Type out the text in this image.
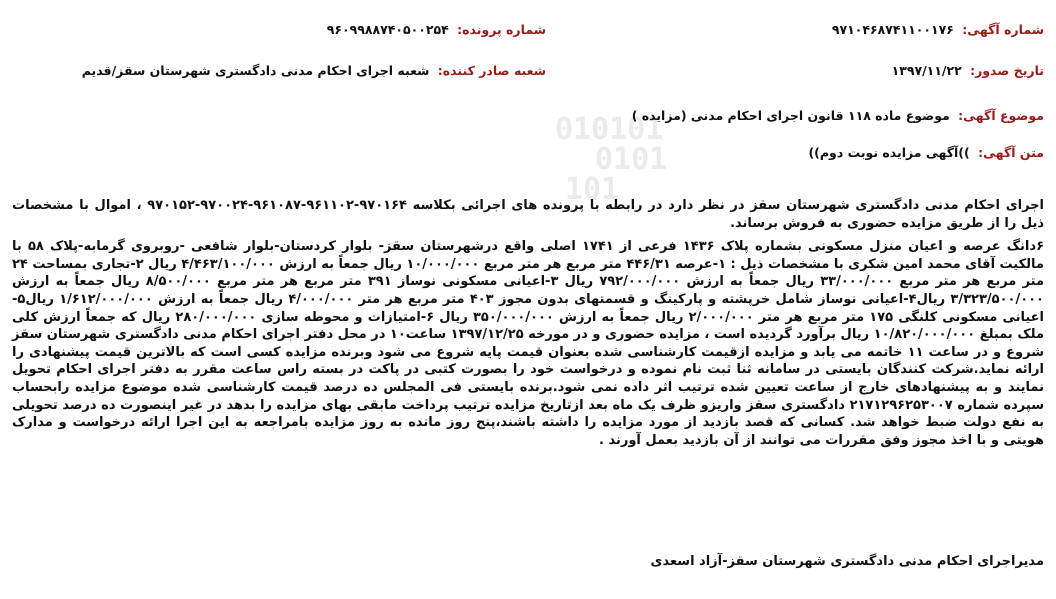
010101
0101
101
شماره آگهی: ۹۷۱۰۴۶۸۷۴۱۱۰۰۱۷۶
شماره پرونده: ۹۶۰۹۹۸۸۷۴۰۵۰۰۲۵۴
تاریخ صدور: ۱۳۹۷/۱۱/۲۲
شعبه صادر کننده: شعبه اجرای احکام مدنی دادگستری شهرستان سقز/قدیم
موضوع آگهی: موضوع ماده ۱۱۸ قانون اجرای احکام مدنی (مزایده )
متن آگهی: ))آگهی مزایده نوبت دوم))

اجرای احکام مدنی دادگستری شهرستان سقز در نظر دارد در رابطه با پرونده های اجرائی بکلاسه ۹۷۰۱۶۴-۹۶۱۱۰۲-۹۶۱۰۸۷-۹۷۰۰۲۴-۹۷۰۱۵۲ ، اموال با مشخصات ذیل را از طریق مزایده حضوری به فروش برساند.

۶دانگ عرصه و اعیان منزل مسکونی بشماره پلاک ۱۴۳۶ فرعی از ۱۷۴۱ اصلی واقع درشهرستان سقز- بلوار کردستان-بلوار شافعی -روبروی گرمابه-پلاک ۵۸ با مالکیت آقای محمد امین شکری با مشخصات ذیل : ۱-عرصه ۴۴۶/۳۱ متر مربع هر متر مربع ۱۰/۰۰۰/۰۰۰ ریال جمعاً به ارزش ۴/۴۶۳/۱۰۰/۰۰۰ ریال ۲-تجاری بمساحت ۲۴ متر مربع هر متر مربع ۳۳/۰۰۰/۰۰۰ ریال جمعاً به ارزش ۷۹۲/۰۰۰/۰۰۰ ریال ۳-اعیانی مسکونی نوساز ۳۹۱ متر مربع هر متر مربع ۸/۵۰۰/۰۰۰ ریال جمعاً به ارزش ۳/۳۲۳/۵۰۰/۰۰۰ ریال۴-اعیانی نوساز شامل خرپشته و پارکینگ و قسمتهای بدون مجوز ۴۰۳ متر مربع هر متر ۴/۰۰۰/۰۰۰ ریال جمعاً به ارزش ۱/۶۱۲/۰۰۰/۰۰۰ ریال۵-اعیانی مسکونی کلنگی ۱۷۵ متر مربع هر متر ۲/۰۰۰/۰۰۰ ریال جمعاً به ارزش ۳۵۰/۰۰۰/۰۰۰ ریال ۶-امتیازات و محوطه سازی ۲۸۰/۰۰۰/۰۰۰ ریال که جمعاً ارزش کلی ملک بمبلغ ۱۰/۸۲۰/۰۰۰/۰۰۰ ریال برآورد گردیده است ، مزایده حضوری و در مورخه ۱۳۹۷/۱۲/۲۵ ساعت۱۰ در محل دفتر اجرای احکام مدنی دادگستری شهرستان سقز شروع و در ساعت ۱۱ خاتمه می یابد و مزایده ازقیمت کارشناسی شده بعنوان قیمت پایه شروع می شود وبرنده مزایده کسی است که بالاترین قیمت پیشنهادی را ارائه نماید.شرکت کنندگان بایستی در سامانه ثنا ثبت نام نموده و درخواست خود را بصورت کتبی در پاکت در بسته راس ساعت مقرر به دفتر اجرای احکام تحویل نمایند و به پیشنهادهای خارج از ساعت تعیین شده ترتیب اثر داده نمی شود.برنده بایستی فی المجلس ده درصد قیمت کارشناسی شده موضوع مزایده رابحساب سپرده شماره ۲۱۷۱۲۹۶۲۵۳۰۰۷ دادگستری سقز واریزو ظرف یک ماه بعد ازتاریخ مزایده ترتیب پرداخت مابقی بهای مزایده را بدهد در غیر اینصورت ده درصد تحویلی به نفع دولت ضبط خواهد شد. کسانی که قصد بازدید از مورد مزایده را داشته باشند،پنج روز مانده به روز مزایده بامراجعه به این اجرا ارائه درخواست و مدارک هویتی و با اخذ مجوز وفق مقررات می توانند از آن بازدید بعمل آورند .

مدیراجرای احکام مدنی دادگستری شهرستان سقز-آزاد اسعدی
